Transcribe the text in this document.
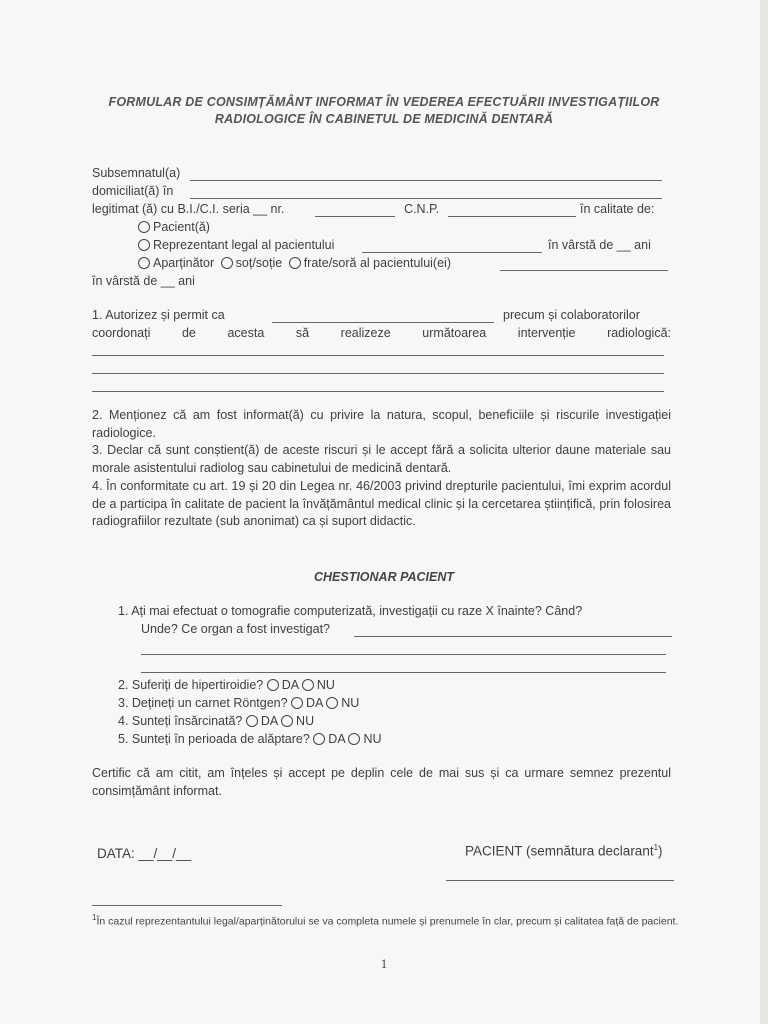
FORMULAR DE CONSIMȚĂMÂNT INFORMAT ÎN VEDEREA EFECTUĂRII INVESTIGAȚIILOR
RADIOLOGICE ÎN CABINETUL DE MEDICINĂ DENTARĂ
Subsemnatul(a)
domiciliat(ă) în
legitimat (ă) cu B.I./C.I. seria __ nr.	C.N.P.	în calitate de:
Pacient(ă)
Reprezentant legal al pacientului	în vârstă de __ ani
Aparținător soț/soție frate/soră al pacientului(ei)
în vârstă de __ ani
1. Autorizez și permit ca	precum și colaboratorilor
coordonați de acesta să realizeze următoarea intervenție radiologică:
2. Menționez că am fost informat(ă) cu privire la natura, scopul, beneficiile și riscurile investigației radiologice.
3. Declar că sunt conștient(ă) de aceste riscuri și le accept fără a solicita ulterior daune materiale sau morale asistentului radiolog sau cabinetului de medicină dentară.
4. În conformitate cu art. 19 și 20 din Legea nr. 46/2003 privind drepturile pacientului, îmi exprim acordul de a participa în calitate de pacient la învățământul medical clinic și la cercetarea științifică, prin folosirea radiografiilor rezultate (sub anonimat) ca și suport didactic.
CHESTIONAR PACIENT
1. Ați mai efectuat o tomografie computerizată, investigații cu raze X înainte? Când?
Unde? Ce organ a fost investigat?
2. Suferiți de hipertiroidie? DA NU
3. Dețineți un carnet Röntgen? DA NU
4. Sunteți însărcinată? DA NU
5. Sunteți în perioada de alăptare? DA NU
Certific că am citit, am înțeles și accept pe deplin cele de mai sus și ca urmare semnez prezentul consimțământ informat.
DATA: __/__/__	PACIENT (semnătura declarant$^1$)
$^1$În cazul reprezentantului legal/aparținătorului se va completa numele și prenumele în clar, precum și calitatea față de pacient.
1
